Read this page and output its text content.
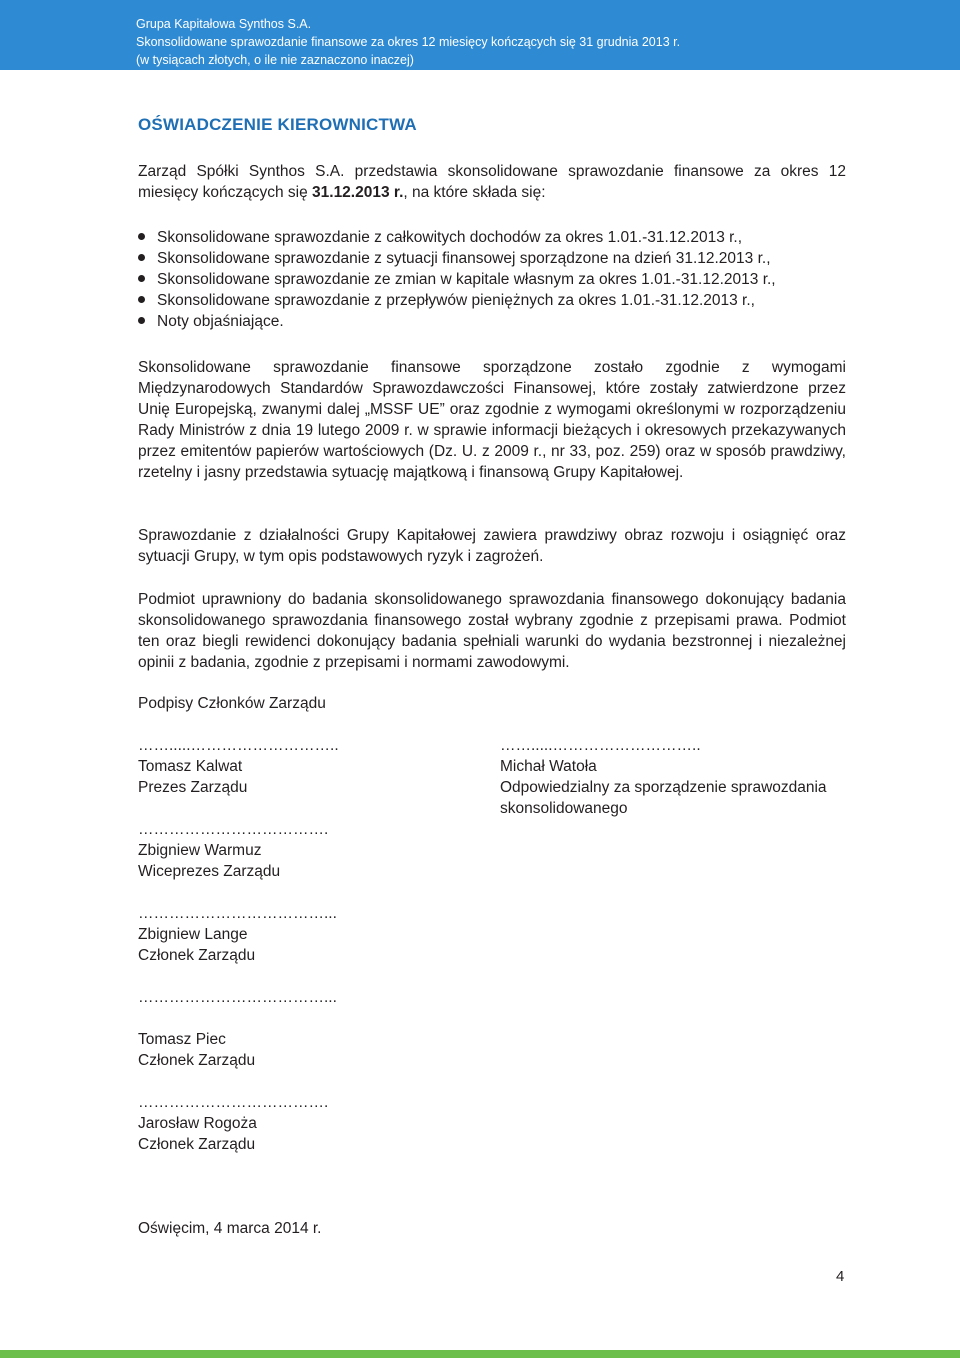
Grupa Kapitałowa Synthos S.A.
Skonsolidowane sprawozdanie finansowe za okres 12 miesięcy kończących się 31 grudnia 2013 r.
(w tysiącach złotych, o ile nie zaznaczono inaczej)
OŚWIADCZENIE KIEROWNICTWA
Zarząd Spółki Synthos S.A. przedstawia skonsolidowane sprawozdanie finansowe za okres 12 miesięcy kończących się 31.12.2013 r., na które składa się:
Skonsolidowane sprawozdanie z całkowitych dochodów za okres 1.01.-31.12.2013 r.,
Skonsolidowane sprawozdanie z sytuacji finansowej sporządzone na dzień 31.12.2013 r.,
Skonsolidowane sprawozdanie ze zmian w kapitale własnym za okres 1.01.-31.12.2013 r.,
Skonsolidowane sprawozdanie z przepływów pieniężnych za okres 1.01.-31.12.2013 r.,
Noty objaśniające.
Skonsolidowane sprawozdanie finansowe sporządzone zostało zgodnie z wymogami Międzynarodowych Standardów Sprawozdawczości Finansowej, które zostały zatwierdzone przez Unię Europejską, zwanymi dalej „MSSF UE” oraz zgodnie z wymogami określonymi w rozporządzeniu Rady Ministrów z dnia 19 lutego 2009 r. w sprawie informacji bieżących i okresowych przekazywanych przez emitentów papierów wartościowych (Dz. U. z 2009 r., nr 33, poz. 259) oraz w sposób prawdziwy, rzetelny i jasny przedstawia sytuację majątkową i finansową Grupy Kapitałowej.
Sprawozdanie z działalności Grupy Kapitałowej zawiera prawdziwy obraz rozwoju i osiągnięć oraz sytuacji Grupy, w tym opis podstawowych ryzyk i zagrożeń.
Podmiot uprawniony do badania skonsolidowanego sprawozdania finansowego dokonujący badania skonsolidowanego sprawozdania finansowego został wybrany zgodnie z przepisami prawa. Podmiot ten oraz biegli rewidenci dokonujący badania spełniali warunki do wydania bezstronnej i niezależnej opinii z badania, zgodnie z przepisami i normami zawodowymi.
Podpisy Członków Zarządu
…….....………………………..
Tomasz Kalwat
Prezes Zarządu
……………………………….
Zbigniew Warmuz
Wiceprezes Zarządu
………………………………...
Zbigniew Lange
Członek Zarządu
………………………………...
Tomasz Piec
Członek Zarządu
……………………………….
Jarosław Rogoża
Członek Zarządu
…….....………………………..
Michał Watoła
Odpowiedzialny za sporządzenie sprawozdania
skonsolidowanego
Oświęcim, 4 marca 2014 r.
4
